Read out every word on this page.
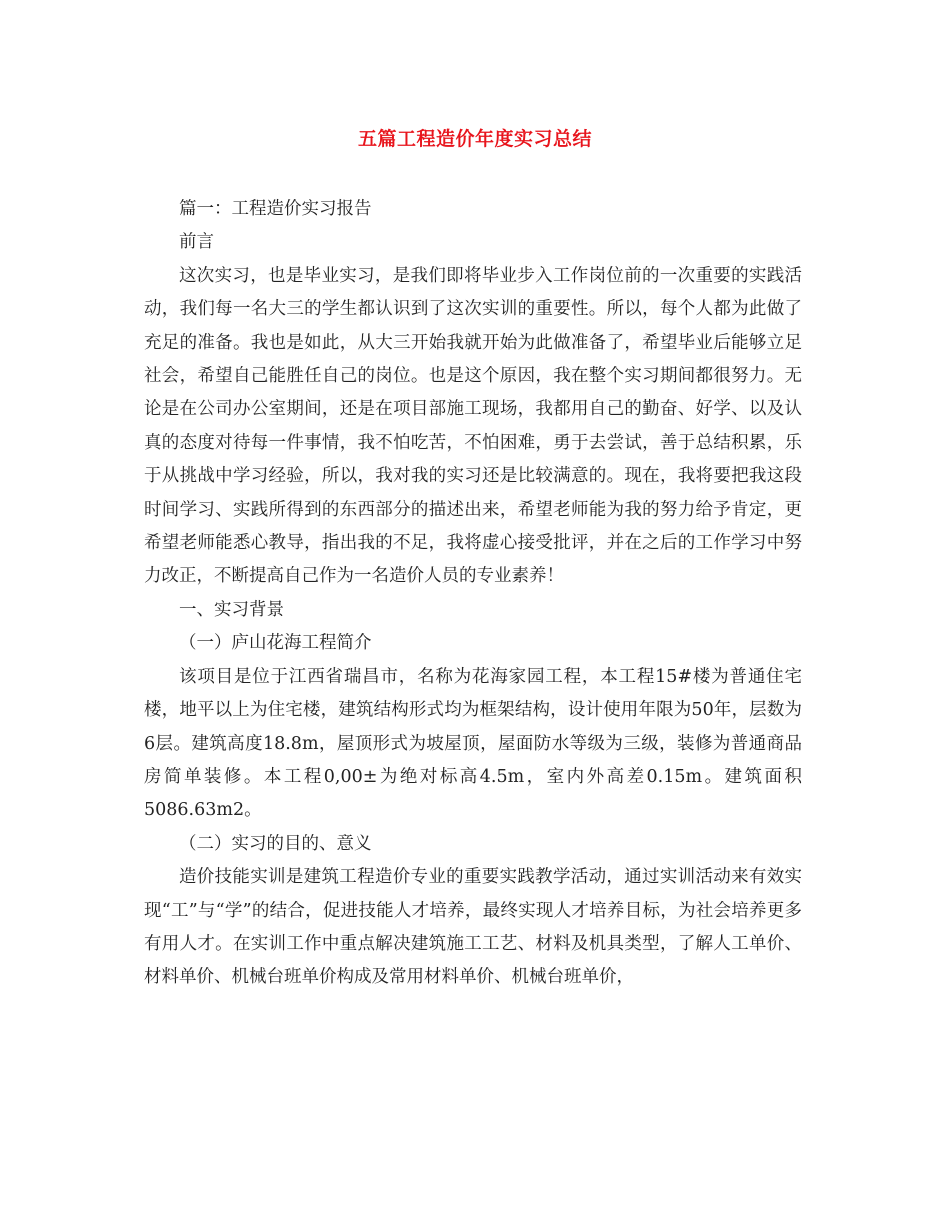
五篇工程造价年度实习总结
篇一：工程造价实习报告
前言

这次实习，也是毕业实习，是我们即将毕业步入工作岗位前的一次重要的实践活动，我们每一名大三的学生都认识到了这次实训的重要性。所以，每个人都为此做了充足的准备。我也是如此，从大三开始我就开始为此做准备了，希望毕业后能够立足社会，希望自己能胜任自己的岗位。也是这个原因，我在整个实习期间都很努力。无论是在公司办公室期间，还是在项目部施工现场，我都用自己的勤奋、好学、以及认真的态度对待每一件事情，我不怕吃苦，不怕困难，勇于去尝试，善于总结积累，乐于从挑战中学习经验，所以，我对我的实习还是比较满意的。现在，我将要把我这段时间学习、实践所得到的东西部分的描述出来，希望老师能为我的努力给予肯定，更希望老师能悉心教导，指出我的不足，我将虚心接受批评，并在之后的工作学习中努力改正，不断提高自己作为一名造价人员的专业素养！

一、实习背景
（一）庐山花海工程简介

该项目是位于江西省瑞昌市，名称为花海家园工程，本工程15#楼为普通住宅楼，地平以上为住宅楼，建筑结构形式均为框架结构，设计使用年限为50年，层数为6层。建筑高度18.8m，屋顶形式为坡屋顶，屋面防水等级为三级，装修为普通商品房简单装修。本工程0,00±为绝对标高4.5m，室内外高差0.15m。建筑面积5086.63m2。

（二）实习的目的、意义

造价技能实训是建筑工程造价专业的重要实践教学活动，通过实训活动来有效实现“工”与“学”的结合，促进技能人才培养，最终实现人才培养目标，为社会培养更多有用人才。在实训工作中重点解决建筑施工工艺、材料及机具类型，了解人工单价、材料单价、机械台班单价构成及常用材料单价、机械台班单价，
